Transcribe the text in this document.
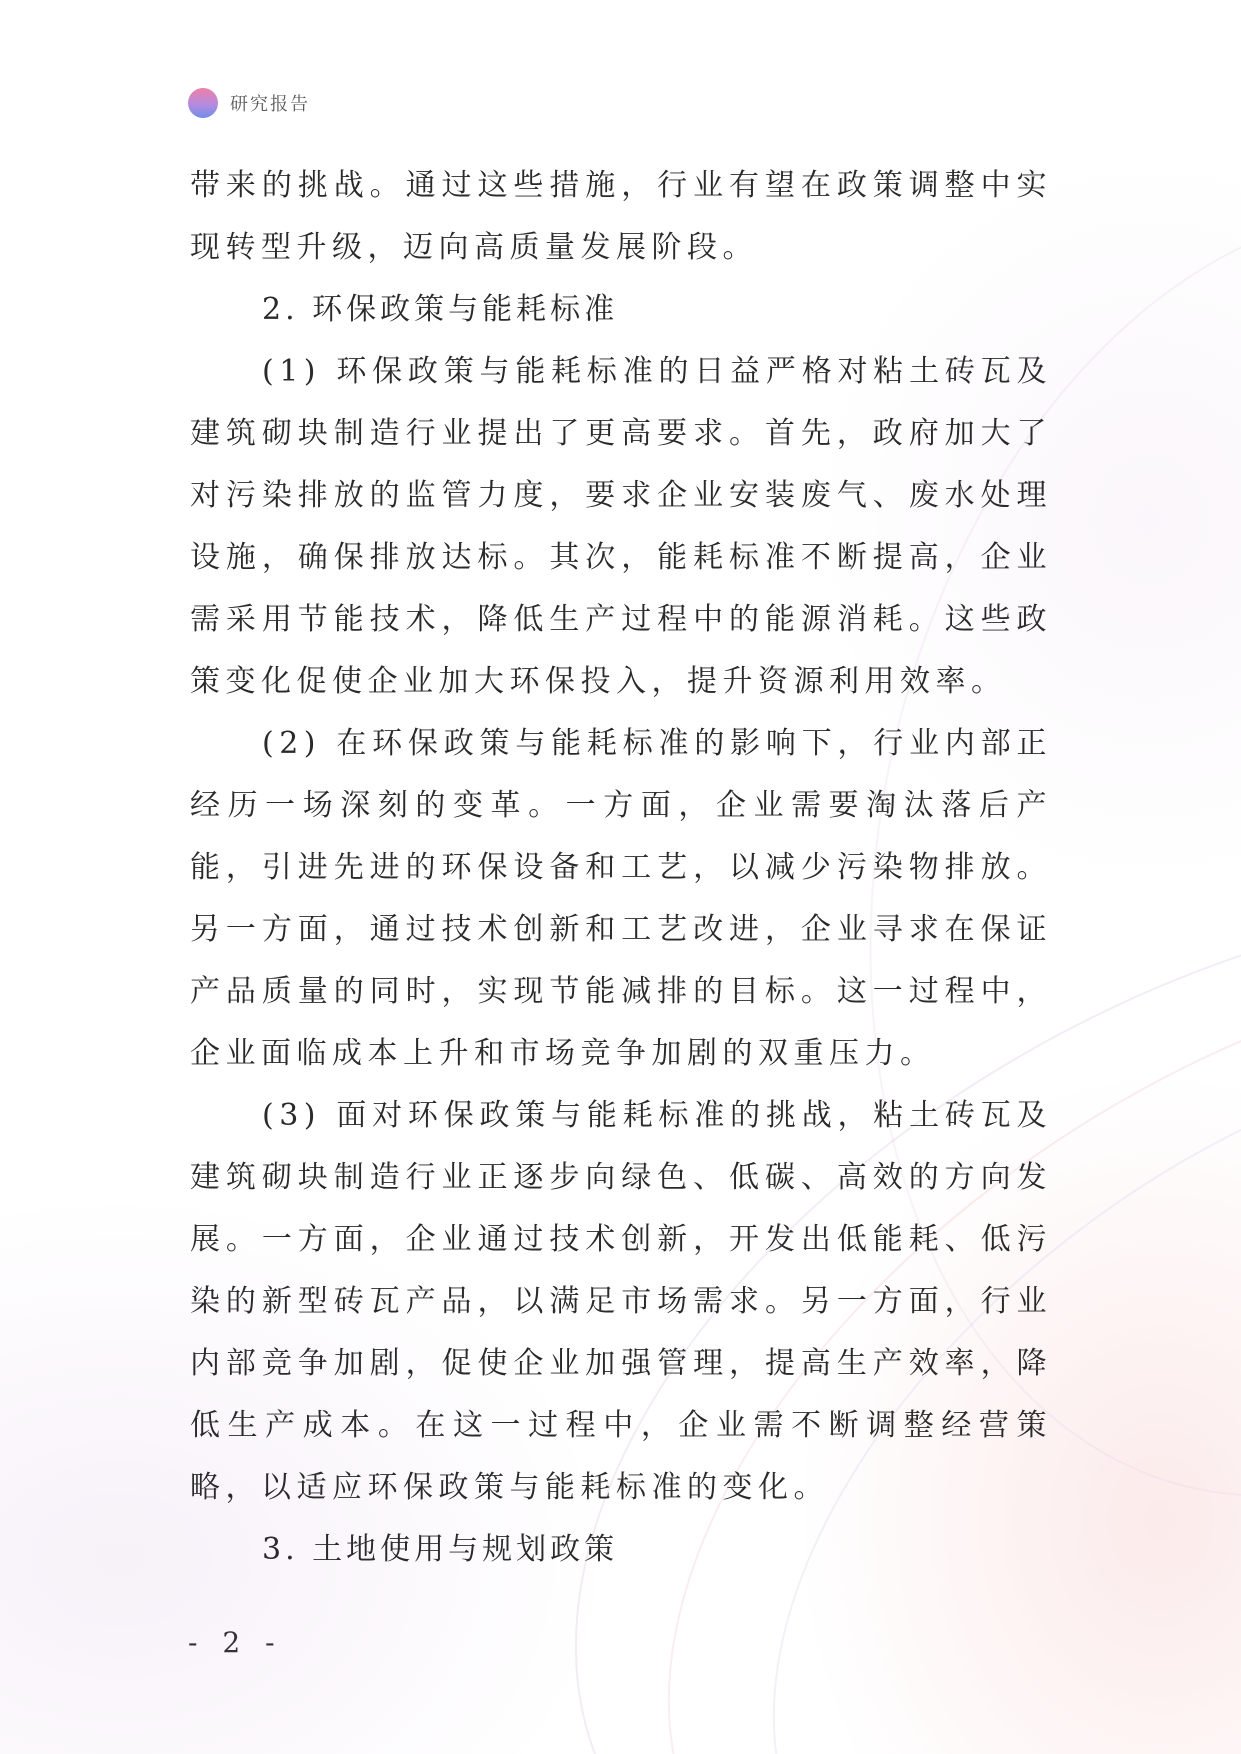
研究报告

带来的挑战。通过这些措施，行业有望在政策调整中实现转型升级，迈向高质量发展阶段。

2. 环保政策与能耗标准

(1) 环保政策与能耗标准的日益严格对粘土砖瓦及建筑砌块制造行业提出了更高要求。首先，政府加大了对污染排放的监管力度，要求企业安装废气、废水处理设施，确保排放达标。其次，能耗标准不断提高，企业需采用节能技术，降低生产过程中的能源消耗。这些政策变化促使企业加大环保投入，提升资源利用效率。

(2) 在环保政策与能耗标准的影响下，行业内部正经历一场深刻的变革。一方面，企业需要淘汰落后产能，引进先进的环保设备和工艺，以减少污染物排放。另一方面，通过技术创新和工艺改进，企业寻求在保证产品质量的同时，实现节能减排的目标。这一过程中，企业面临成本上升和市场竞争加剧的双重压力。

(3) 面对环保政策与能耗标准的挑战，粘土砖瓦及建筑砌块制造行业正逐步向绿色、低碳、高效的方向发展。一方面，企业通过技术创新，开发出低能耗、低污染的新型砖瓦产品，以满足市场需求。另一方面，行业内部竞争加剧，促使企业加强管理，提高生产效率，降低生产成本。在这一过程中，企业需不断调整经营策略，以适应环保政策与能耗标准的变化。

3. 土地使用与规划政策

- 2 -
